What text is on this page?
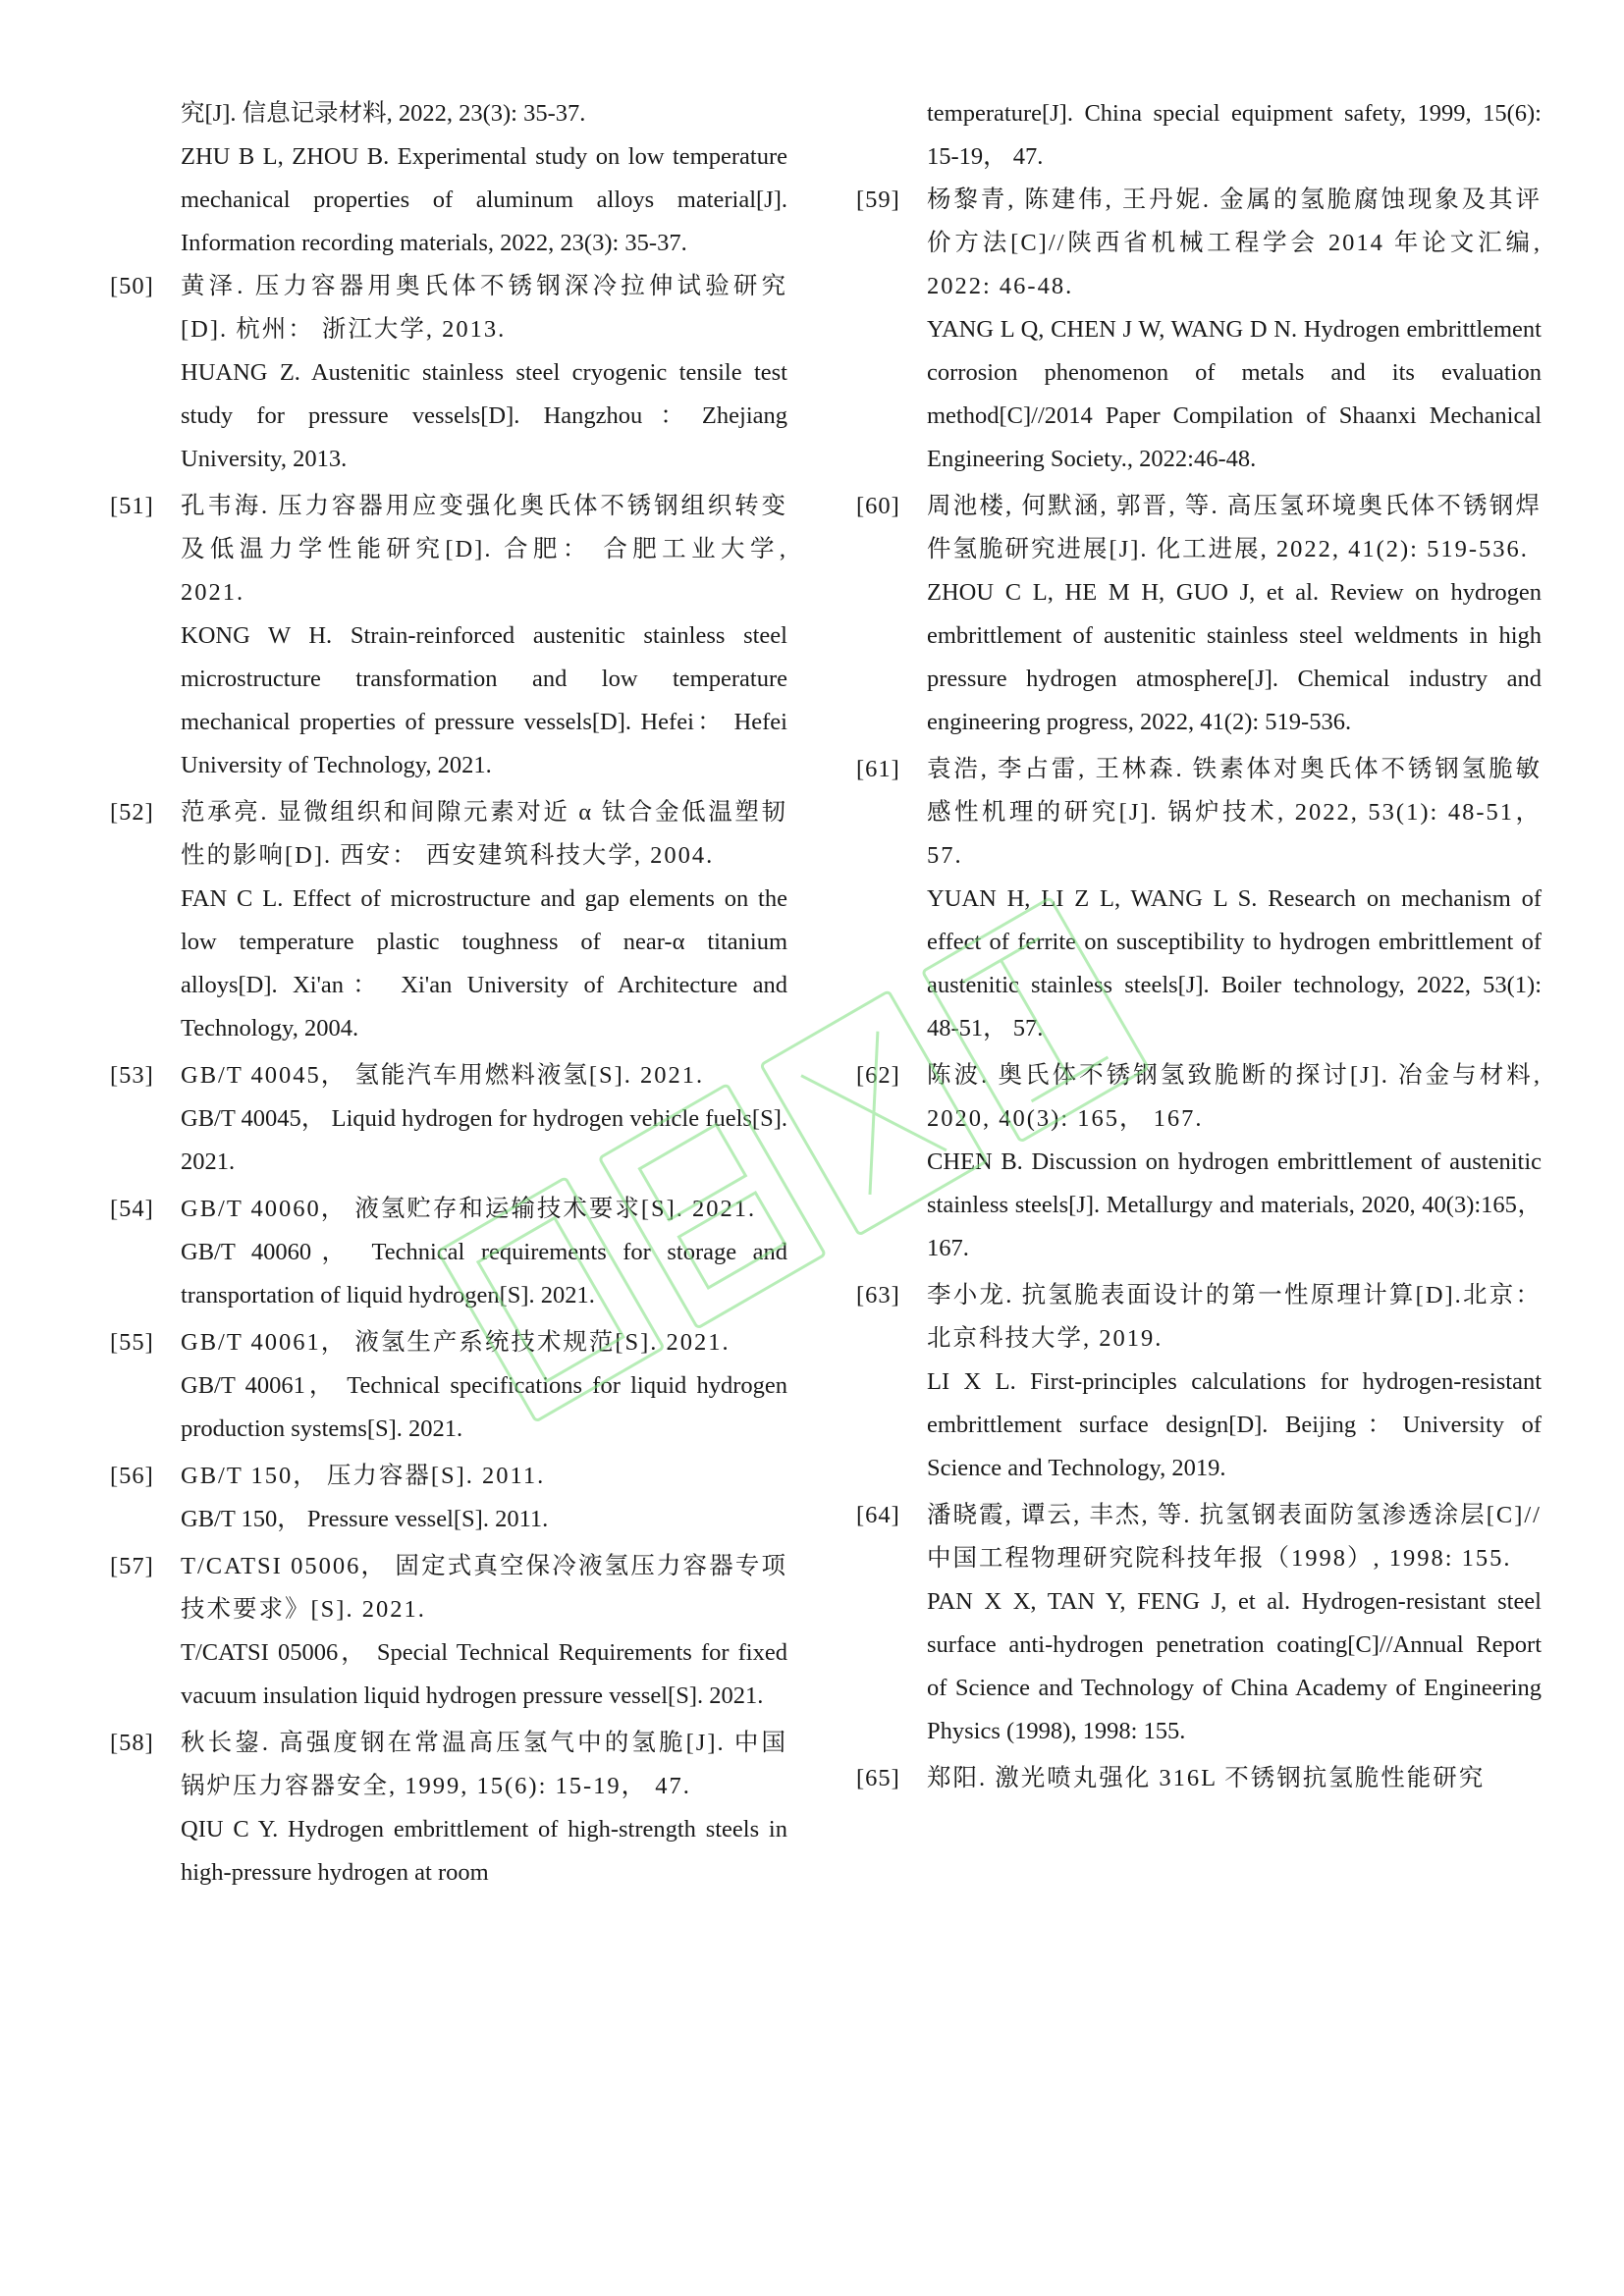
究[J]. 信息记录材料, 2022, 23(3): 35-37.
ZHU B L, ZHOU B. Experimental study on low temperature mechanical properties of aluminum alloys material[J]. Information recording materials, 2022, 23(3): 35-37.
[50] 黄泽. 压力容器用奥氏体不锈钢深冷拉伸试验研究[D]. 杭州： 浙江大学, 2013.
HUANG Z. Austenitic stainless steel cryogenic tensile test study for pressure vessels[D]. Hangzhou：Zhejiang University, 2013.
[51] 孔韦海. 压力容器用应变强化奥氏体不锈钢组织转变及低温力学性能研究[D]. 合肥： 合肥工业大学, 2021.
KONG W H. Strain-reinforced austenitic stainless steel microstructure transformation and low temperature mechanical properties of pressure vessels[D]. Hefei： Hefei University of Technology, 2021.
[52] 范承亮. 显微组织和间隙元素对近 α 钛合金低温塑韧性的影响[D]. 西安： 西安建筑科技大学, 2004.
FAN C L. Effect of microstructure and gap elements on the low temperature plastic toughness of near-α titanium alloys[D]. Xi'an： Xi'an University of Architecture and Technology, 2004.
[53] GB/T 40045， 氢能汽车用燃料液氢[S]. 2021.
GB/T 40045， Liquid hydrogen for hydrogen vehicle fuels[S]. 2021.
[54] GB/T 40060， 液氢贮存和运输技术要求[S]. 2021.
GB/T 40060， Technical requirements for storage and transportation of liquid hydrogen[S]. 2021.
[55] GB/T 40061， 液氢生产系统技术规范[S]. 2021.
GB/T 40061， Technical specifications for liquid hydrogen production systems[S]. 2021.
[56] GB/T 150， 压力容器[S]. 2011.
GB/T 150， Pressure vessel[S]. 2011.
[57] T/CATSI 05006， 固定式真空保冷液氢压力容器专项技术要求》[S]. 2021.
T/CATSI 05006， Special Technical Requirements for fixed vacuum insulation liquid hydrogen pressure vessel[S]. 2021.
[58] 秋长鋆. 高强度钢在常温高压氢气中的氢脆[J]. 中国锅炉压力容器安全, 1999, 15(6): 15-19， 47.
QIU C Y. Hydrogen embrittlement of high-strength steels in high-pressure hydrogen at room
temperature[J]. China special equipment safety, 1999, 15(6): 15-19， 47.
[59] 杨黎青, 陈建伟, 王丹妮. 金属的氢脆腐蚀现象及其评价方法[C]//陕西省机械工程学会 2014 年论文汇编, 2022: 46-48.
YANG L Q, CHEN J W, WANG D N. Hydrogen embrittlement corrosion phenomenon of metals and its evaluation method[C]//2014 Paper Compilation of Shaanxi Mechanical Engineering Society., 2022:46-48.
[60] 周池楼, 何默涵, 郭晋, 等. 高压氢环境奥氏体不锈钢焊件氢脆研究进展[J]. 化工进展, 2022, 41(2): 519-536.
ZHOU C L, HE M H, GUO J, et al. Review on hydrogen embrittlement of austenitic stainless steel weldments in high pressure hydrogen atmosphere[J]. Chemical industry and engineering progress, 2022, 41(2): 519-536.
[61] 袁浩, 李占雷, 王林森. 铁素体对奥氏体不锈钢氢脆敏感性机理的研究[J]. 锅炉技术, 2022, 53(1): 48-51， 57.
YUAN H, LI Z L, WANG L S. Research on mechanism of effect of ferrite on susceptibility to hydrogen embrittlement of austenitic stainless steels[J]. Boiler technology, 2022, 53(1): 48-51， 57.
[62] 陈波. 奥氏体不锈钢氢致脆断的探讨[J]. 冶金与材料, 2020, 40(3): 165， 167.
CHEN B. Discussion on hydrogen embrittlement of austenitic stainless steels[J]. Metallurgy and materials, 2020, 40(3):165， 167.
[63] 李小龙. 抗氢脆表面设计的第一性原理计算[D].北京： 北京科技大学, 2019.
LI X L. First-principles calculations for hydrogen-resistant embrittlement surface design[D]. Beijing：University of Science and Technology, 2019.
[64] 潘晓霞, 谭云, 丰杰, 等. 抗氢钢表面防氢渗透涂层[C]//中国工程物理研究院科技年报（1998）, 1998: 155.
PAN X X, TAN Y, FENG J, et al. Hydrogen-resistant steel surface anti-hydrogen penetration coating[C]//Annual Report of Science and Technology of China Academy of Engineering Physics (1998), 1998: 155.
[65] 郑阳. 激光喷丸强化 316L 不锈钢抗氢脆性能研究
